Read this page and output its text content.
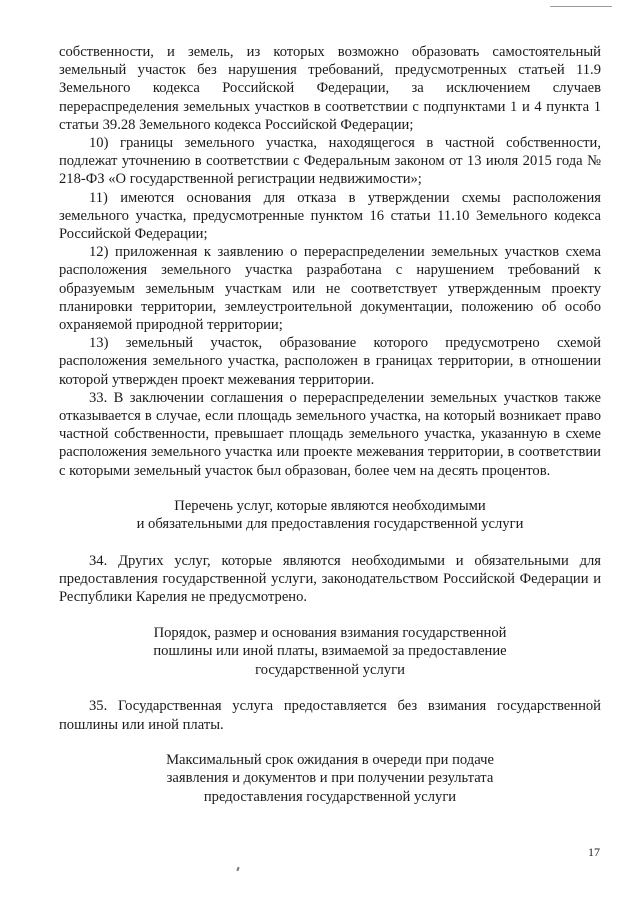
собственности, и земель, из которых возможно образовать самостоятельный земельный участок без нарушения требований, предусмотренных статьей 11.9 Земельного кодекса Российской Федерации, за исключением случаев перераспределения земельных участков в соответствии с подпунктами 1 и 4 пункта 1 статьи 39.28 Земельного кодекса Российской Федерации;

10) границы земельного участка, находящегося в частной собственности, подлежат уточнению в соответствии с Федеральным законом от 13 июля 2015 года № 218-ФЗ «О государственной регистрации недвижимости»;

11) имеются основания для отказа в утверждении схемы расположения земельного участка, предусмотренные пунктом 16 статьи 11.10 Земельного кодекса Российской Федерации;

12) приложенная к заявлению о перераспределении земельных участков схема расположения земельного участка разработана с нарушением требований к образуемым земельным участкам или не соответствует утвержденным проекту планировки территории, землеустроительной документации, положению об особо охраняемой природной территории;

13) земельный участок, образование которого предусмотрено схемой расположения земельного участка, расположен в границах территории, в отношении которой утвержден проект межевания территории.

33. В заключении соглашения о перераспределении земельных участков также отказывается в случае, если площадь земельного участка, на который возникает право частной собственности, превышает площадь земельного участка, указанную в схеме расположения земельного участка или проекте межевания территории, в соответствии с которыми земельный участок был образован, более чем на десять процентов.

Перечень услуг, которые являются необходимыми

и обязательными для предоставления государственной услуги

34. Других услуг, которые являются необходимыми и обязательными для предоставления государственной услуги, законодательством Российской Федерации и Республики Карелия не предусмотрено.

Порядок, размер и основания взимания государственной

пошлины или иной платы, взимаемой за предоставление

государственной услуги

35. Государственная услуга предоставляется без взимания государственной пошлины или иной платы.

Максимальный срок ожидания в очереди при подаче

заявления и документов и при получении результата

предоставления государственной услуги

17
